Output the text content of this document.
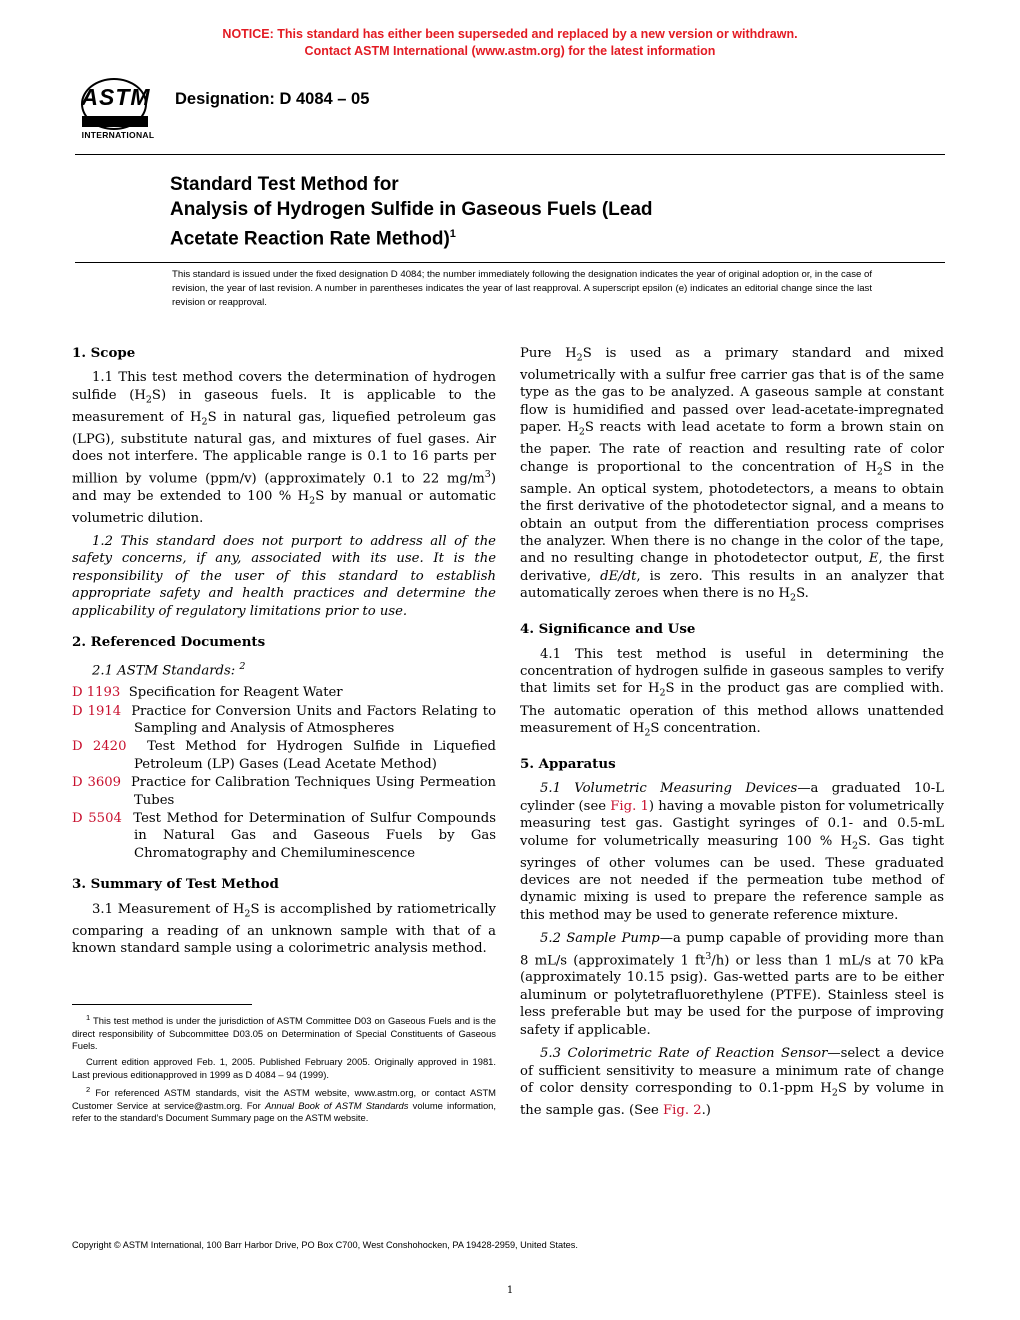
NOTICE: This standard has either been superseded and replaced by a new version or withdrawn.
Contact ASTM International (www.astm.org) for the latest information
ASTM
INTERNATIONAL
Designation: D 4084 – 05
Standard Test Method for
Analysis of Hydrogen Sulfide in Gaseous Fuels (Lead
Acetate Reaction Rate Method)$^1$
This standard is issued under the fixed designation D 4084; the number immediately following the designation indicates the year of original adoption or, in the case of revision, the year of last revision. A number in parentheses indicates the year of last reapproval. A superscript epsilon (e) indicates an editorial change since the last revision or reapproval.
1. Scope

1.1 This test method covers the determination of hydrogen sulfide $(H_2S)$ in gaseous fuels. It is applicable to the measurement of $H_2S$ in natural gas, liquefied petroleum gas (LPG), substitute natural gas, and mixtures of fuel gases. Air does not interfere. The applicable range is 0.1 to 16 parts per million by volume (ppm/v) (approximately 0.1 to 22 $mg/m^3$) and may be extended to 100 % $H_2S$ by manual or automatic volumetric dilution.

1.2 This standard does not purport to address all of the safety concerns, if any, associated with its use. It is the responsibility of the user of this standard to establish appropriate safety and health practices and determine the applicability of regulatory limitations prior to use.

2. Referenced Documents

2.1 ASTM Standards: $^2$

D 1193 Specification for Reagent Water

D 1914 Practice for Conversion Units and Factors Relating to Sampling and Analysis of Atmospheres

D 2420 Test Method for Hydrogen Sulfide in Liquefied Petroleum (LP) Gases (Lead Acetate Method)

D 3609 Practice for Calibration Techniques Using Permeation Tubes

D 5504 Test Method for Determination of Sulfur Compounds in Natural Gas and Gaseous Fuels by Gas Chromatography and Chemiluminescence

3. Summary of Test Method

3.1 Measurement of $H_2S$ is accomplished by ratiometrically comparing a reading of an unknown sample with that of a known standard sample using a colorimetric analysis method.

Pure $H_2S$ is used as a primary standard and mixed volumetrically with a sulfur free carrier gas that is of the same type as the gas to be analyzed. A gaseous sample at constant flow is humidified and passed over lead-acetate-impregnated paper. $H_2S$ reacts with lead acetate to form a brown stain on the paper. The rate of reaction and resulting rate of color change is proportional to the concentration of $H_2S$ in the sample. An optical system, photodetectors, a means to obtain the first derivative of the photodetector signal, and a means to obtain an output from the differentiation process comprises the analyzer. When there is no change in the color of the tape, and no resulting change in photodetector output, E, the first derivative, dE/dt, is zero. This results in an analyzer that automatically zeroes when there is no $H_2S$.

4. Significance and Use

4.1 This test method is useful in determining the concentration of hydrogen sulfide in gaseous samples to verify that limits set for $H_2S$ in the product gas are complied with. The automatic operation of this method allows unattended measurement of $H_2S$ concentration.

5. Apparatus

5.1 Volumetric Measuring Devices—a graduated 10-L cylinder (see Fig. 1) having a movable piston for volumetrically measuring test gas. Gastight syringes of 0.1- and 0.5-mL volume for volumetrically measuring 100 % $H_2S$. Gas tight syringes of other volumes can be used. These graduated devices are not needed if the permeation tube method of dynamic mixing is used to prepare the reference sample as this method may be used to generate reference mixture.

5.2 Sample Pump—a pump capable of providing more than 8 mL/s (approximately 1 $ft^3/h$) or less than 1 mL/s at 70 kPa (approximately 10.15 psig). Gas-wetted parts are to be either aluminum or polytetrafluorethylene (PTFE). Stainless steel is less preferable but may be used for the purpose of improving safety if applicable.

5.3 Colorimetric Rate of Reaction Sensor—select a device of sufficient sensitivity to measure a minimum rate of change of color density corresponding to 0.1-ppm $H_2S$ by volume in the sample gas. (See Fig. 2.)

$^1$ This test method is under the jurisdiction of ASTM Committee D03 on Gaseous Fuels and is the direct responsibility of Subcommittee D03.05 on Determination of Special Constituents of Gaseous Fuels.

Current edition approved Feb. 1, 2005. Published February 2005. Originally approved in 1981. Last previous editionapproved in 1999 as D 4084 – 94 (1999).

$^2$ For referenced ASTM standards, visit the ASTM website, www.astm.org, or contact ASTM Customer Service at service@astm.org. For Annual Book of ASTM Standards volume information, refer to the standard’s Document Summary page on the ASTM website.

Copyright © ASTM International, 100 Barr Harbor Drive, PO Box C700, West Conshohocken, PA 19428-2959, United States.
1
